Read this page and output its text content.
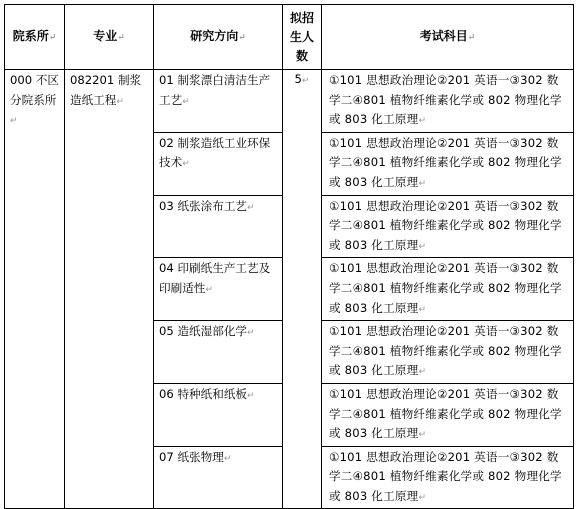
院系所↵	专业↵	研究方向↵	拟招生人数	考试科目↵

000 不区分院系所↵	082201 制浆造纸工程↵	01 制浆漂白清洁生产工艺↵	5↵	①101 思想政治理论②201 英语一③302 数学二④801 植物纤维素化学或 802 物理化学或 803 化工原理↵

		02 制浆造纸工业环保技术↵		①101 思想政治理论②201 英语一③302 数学二④801 植物纤维素化学或 802 物理化学或 803 化工原理↵

		03 纸张涂布工艺↵		①101 思想政治理论②201 英语一③302 数学二④801 植物纤维素化学或 802 物理化学或 803 化工原理↵

		04 印刷纸生产工艺及印刷适性↵		①101 思想政治理论②201 英语一③302 数学二④801 植物纤维素化学或 802 物理化学或 803 化工原理↵

		05 造纸湿部化学↵		①101 思想政治理论②201 英语一③302 数学二④801 植物纤维素化学或 802 物理化学或 803 化工原理↵

		06 特种纸和纸板↵		①101 思想政治理论②201 英语一③302 数学二④801 植物纤维素化学或 802 物理化学或 803 化工原理↵

		07 纸张物理↵		①101 思想政治理论②201 英语一③302 数学二④801 植物纤维素化学或 802 物理化学或 803 化工原理↵
